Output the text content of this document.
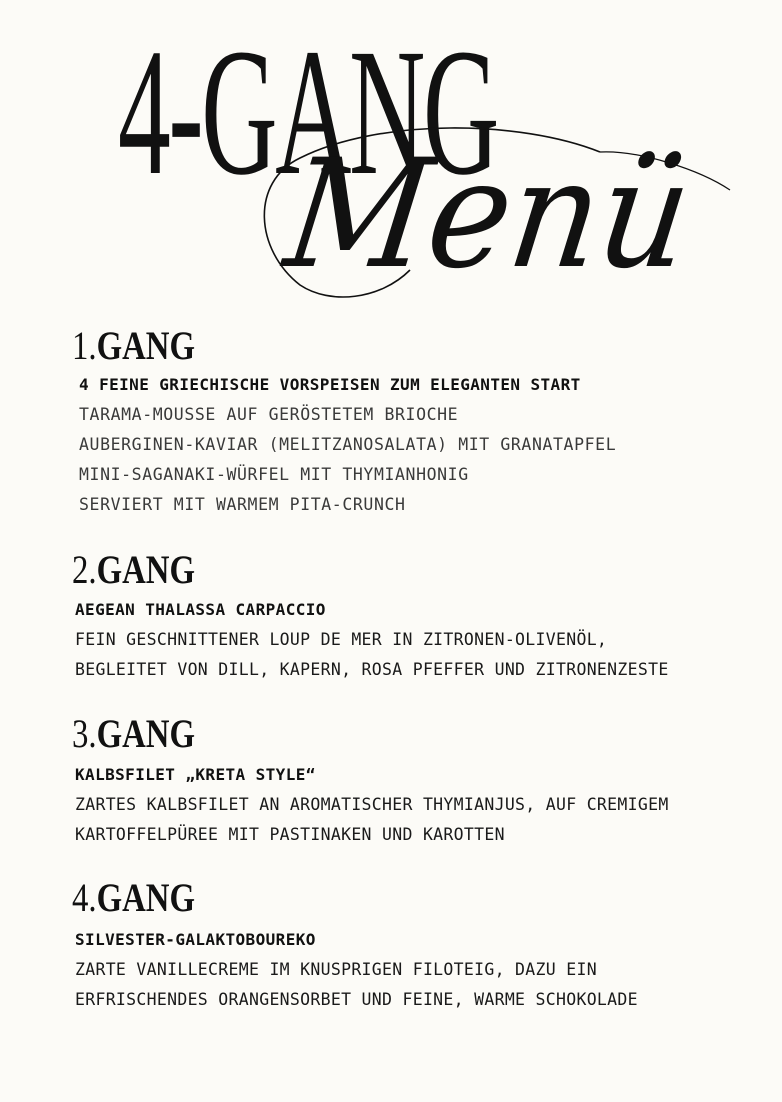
4-GANG
Menü
1.GANG
4 FEINE GRIECHISCHE VORSPEISEN ZUM ELEGANTEN START
TARAMA-MOUSSE AUF GERÖSTETEM BRIOCHE
AUBERGINEN-KAVIAR (MELITZANOSALATA) MIT GRANATAPFEL
MINI-SAGANAKI-WÜRFEL MIT THYMIANHONIG
SERVIERT MIT WARMEM PITA-CRUNCH
2.GANG
AEGEAN THALASSA CARPACCIO
FEIN GESCHNITTENER LOUP DE MER IN ZITRONEN-OLIVENÖL,
BEGLEITET VON DILL, KAPERN, ROSA PFEFFER UND ZITRONENZESTE
3.GANG
KALBSFILET „KRETA STYLE“
ZARTES KALBSFILET AN AROMATISCHER THYMIANJUS, AUF CREMIGEM
KARTOFFELPÜREE MIT PASTINAKEN UND KAROTTEN
4.GANG
SILVESTER-GALAKTOBOUREKO
ZARTE VANILLECREME IM KNUSPRIGEN FILOTEIG, DAZU EIN
ERFRISCHENDES ORANGENSORBET UND FEINE, WARME SCHOKOLADE
